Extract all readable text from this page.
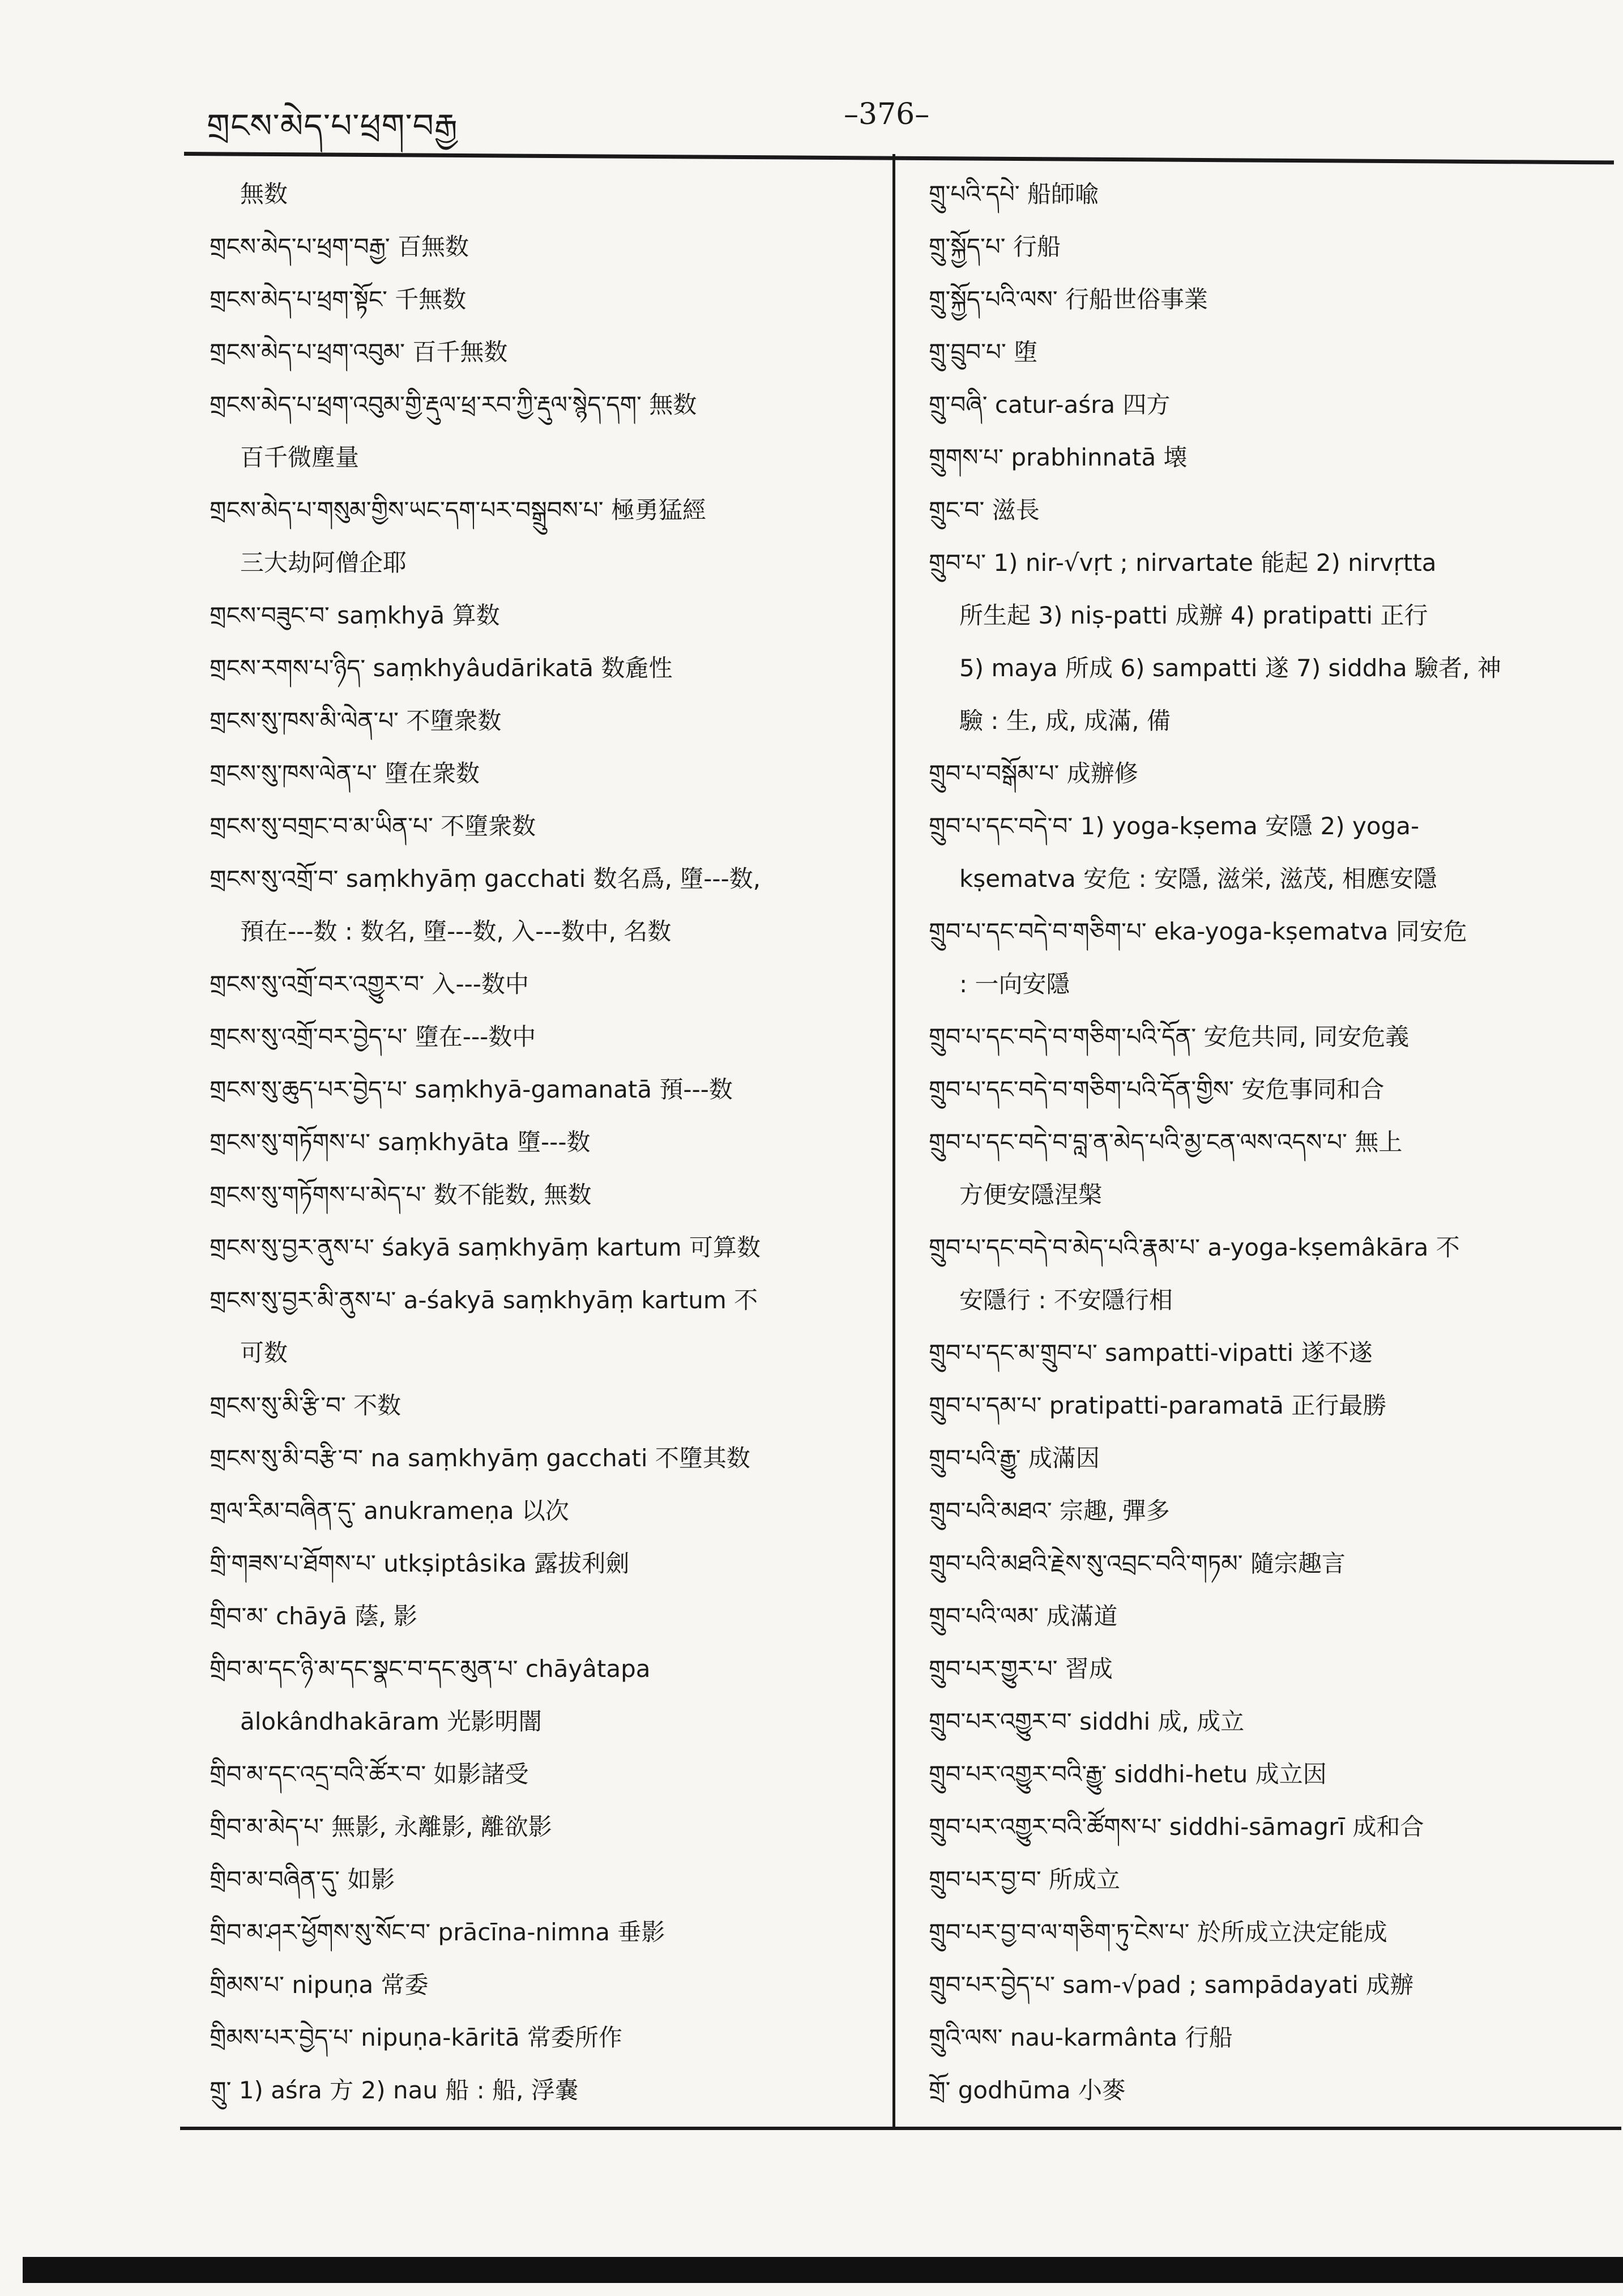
གྲངས་མེད་པ་ཕྲག་བརྒྱ	–376–
無数
གྲངས་མེད་པ་ཕྲག་བརྒྱ་ 百無数
གྲངས་མེད་པ་ཕྲག་སྟོང་ 千無数
གྲངས་མེད་པ་ཕྲག་འབུམ་ 百千無数
གྲངས་མེད་པ་ཕྲག་འབུམ་གྱི་རྡུལ་ཕྲ་རབ་ཀྱི་རྡུལ་སྙེད་དག་ 無数
百千微塵量
གྲངས་མེད་པ་གསུམ་གྱིས་ཡང་དག་པར་བསྒྲུབས་པ་ 極勇猛經
三大劫阿僧企耶
གྲངས་བཟུང་བ་ saṃkhyā 算数
གྲངས་རགས་པ་ཉིད་ saṃkhyâudārikatā 数麁性
གྲངས་སུ་ཁས་མི་ལེན་པ་ 不墮衆数
གྲངས་སུ་ཁས་ལེན་པ་ 墮在衆数
གྲངས་སུ་བགྲང་བ་མ་ཡིན་པ་ 不墮衆数
གྲངས་སུ་འགྲོ་བ་ saṃkhyāṃ gacchati 数名爲, 墮---数,
預在---数 : 数名, 墮---数, 入---数中, 名数
གྲངས་སུ་འགྲོ་བར་འགྱུར་བ་ 入---数中
གྲངས་སུ་འགྲོ་བར་བྱེད་པ་ 墮在---数中
གྲངས་སུ་ཆུད་པར་བྱེད་པ་ saṃkhyā-gamanatā 預---数
གྲངས་སུ་གཏོགས་པ་ saṃkhyāta 墮---数
གྲངས་སུ་གཏོགས་པ་མེད་པ་ 数不能数, 無数
གྲངས་སུ་བྱར་ནུས་པ་ śakyā saṃkhyāṃ kartum 可算数
གྲངས་སུ་བྱར་མི་ནུས་པ་ a-śakyā saṃkhyāṃ kartum 不
可数
གྲངས་སུ་མི་རྩི་བ་ 不数
གྲངས་སུ་མི་བརྩི་བ་ na saṃkhyāṃ gacchati 不墮其数
གྲལ་རིམ་བཞིན་དུ་ anukrameṇa 以次
གྲི་གཟས་པ་ཐོགས་པ་ utkṣiptâsika 露拔利劍
གྲིབ་མ་ chāyā 蔭, 影
གྲིབ་མ་དང་ཉི་མ་དང་སྣང་བ་དང་མུན་པ་ chāyâtapa
ālokândhakāram 光影明闇
གྲིབ་མ་དང་འདྲ་བའི་ཚོར་བ་ 如影諸受
གྲིབ་མ་མེད་པ་ 無影, 永離影, 離欲影
གྲིབ་མ་བཞིན་དུ་ 如影
གྲིབ་མ་ཤར་ཕྱོགས་སུ་སོང་བ་ prācīna-nimna 垂影
གྲིམས་པ་ nipuṇa 常委
གྲིམས་པར་བྱེད་པ་ nipuṇa-kāritā 常委所作
གྲུ་ 1) aśra 方 2) nau 船 : 船, 浮嚢
གྲུ་པའི་དཔེ་ 船師喩
གྲུ་སྐྱོད་པ་ 行船
གྲུ་སྐྱོད་པའི་ལས་ 行船世俗事業
གྲུ་བྲུབ་པ་ 堕
གྲུ་བཞི་ catur-aśra 四方
གྲུགས་པ་ prabhinnatā 壊
གྲུང་བ་ 滋長
གྲུབ་པ་ 1) nir-√vṛt ; nirvartate 能起 2) nirvṛtta
所生起 3) niṣ-patti 成辦 4) pratipatti 正行
5) maya 所成 6) sampatti 遂 7) siddha 驗者, 神
驗 : 生, 成, 成滿, 備
གྲུབ་པ་བསྒོམ་པ་ 成辦修
གྲུབ་པ་དང་བདེ་བ་ 1) yoga-kṣema 安隱 2) yoga-
kṣematva 安危 : 安隱, 滋栄, 滋茂, 相應安隱
གྲུབ་པ་དང་བདེ་བ་གཅིག་པ་ eka-yoga-kṣematva 同安危
: 一向安隱
གྲུབ་པ་དང་བདེ་བ་གཅིག་པའི་དོན་ 安危共同, 同安危義
གྲུབ་པ་དང་བདེ་བ་གཅིག་པའི་དོན་གྱིས་ 安危事同和合
གྲུབ་པ་དང་བདེ་བ་བླ་ན་མེད་པའི་མྱ་ངན་ལས་འདས་པ་ 無上
方便安隱涅槃
གྲུབ་པ་དང་བདེ་བ་མེད་པའི་རྣམ་པ་ a-yoga-kṣemâkāra 不
安隱行 : 不安隱行相
གྲུབ་པ་དང་མ་གྲུབ་པ་ sampatti-vipatti 遂不遂
གྲུབ་པ་དམ་པ་ pratipatti-paramatā 正行最勝
གྲུབ་པའི་རྒྱུ་ 成滿因
གྲུབ་པའི་མཐའ་ 宗趣, 彈多
གྲུབ་པའི་མཐའི་རྗེས་སུ་འབྲང་བའི་གཏམ་ 隨宗趣言
གྲུབ་པའི་ལམ་ 成滿道
གྲུབ་པར་གྱུར་པ་ 習成
གྲུབ་པར་འགྱུར་བ་ siddhi 成, 成立
གྲུབ་པར་འགྱུར་བའི་རྒྱུ་ siddhi-hetu 成立因
གྲུབ་པར་འགྱུར་བའི་ཚོགས་པ་ siddhi-sāmagrī 成和合
གྲུབ་པར་བྱ་བ་ 所成立
གྲུབ་པར་བྱ་བ་ལ་གཅིག་ཏུ་ངེས་པ་ 於所成立決定能成
གྲུབ་པར་བྱེད་པ་ sam-√pad ; sampādayati 成辦
གྲུའི་ལས་ nau-karmânta 行船
གྲོ་ godhūma 小麥
